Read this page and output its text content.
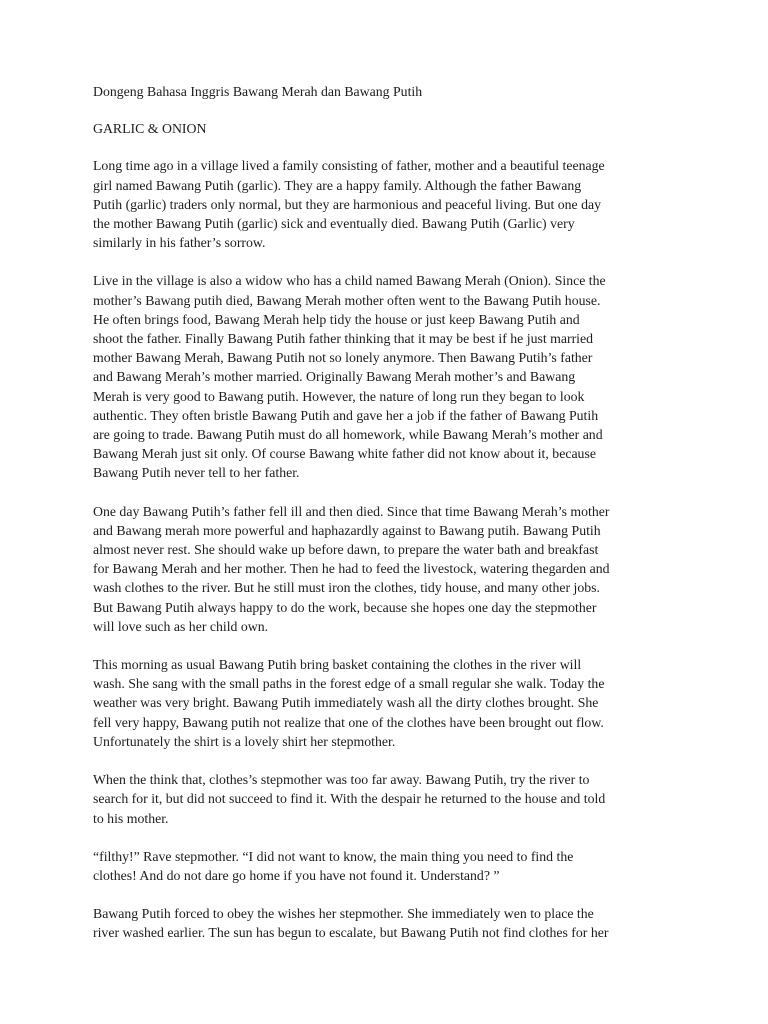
Dongeng Bahasa Inggris Bawang Merah dan Bawang Putih

GARLIC & ONION

Long time ago in a village lived a family consisting of father, mother and a beautiful teenage
girl named Bawang Putih (garlic). They are a happy family. Although the father Bawang
Putih (garlic) traders only normal, but they are harmonious and peaceful living. But one day
the mother Bawang Putih (garlic) sick and eventually died. Bawang Putih (Garlic) very
similarly in his father’s sorrow.

Live in the village is also a widow who has a child named Bawang Merah (Onion). Since the
mother’s Bawang putih died, Bawang Merah mother often went to the Bawang Putih house.
He often brings food, Bawang Merah help tidy the house or just keep Bawang Putih and
shoot the father. Finally Bawang Putih father thinking that it may be best if he just married
mother Bawang Merah, Bawang Putih not so lonely anymore. Then Bawang Putih’s father
and Bawang Merah’s mother married. Originally Bawang Merah mother’s and Bawang
Merah is very good to Bawang putih. However, the nature of long run they began to look
authentic. They often bristle Bawang Putih and gave her a job if the father of Bawang Putih
are going to trade. Bawang Putih must do all homework, while Bawang Merah’s mother and
Bawang Merah just sit only. Of course Bawang white father did not know about it, because
Bawang Putih never tell to her father.

One day Bawang Putih’s father fell ill and then died. Since that time Bawang Merah’s mother
and Bawang merah more powerful and haphazardly against to Bawang putih. Bawang Putih
almost never rest. She should wake up before dawn, to prepare the water bath and breakfast
for Bawang Merah and her mother. Then he had to feed the livestock, watering thegarden and
wash clothes to the river. But he still must iron the clothes, tidy house, and many other jobs.
But Bawang Putih always happy to do the work, because she hopes one day the stepmother
will love such as her child own.

This morning as usual Bawang Putih bring basket containing the clothes in the river will
wash. She sang with the small paths in the forest edge of a small regular she walk. Today the
weather was very bright. Bawang Putih immediately wash all the dirty clothes brought. She
fell very happy, Bawang putih not realize that one of the clothes have been brought out flow.
Unfortunately the shirt is a lovely shirt her stepmother.

When the think that, clothes’s stepmother was too far away. Bawang Putih, try the river to
search for it, but did not succeed to find it. With the despair he returned to the house and told
to his mother.

“filthy!” Rave stepmother. “I did not want to know, the main thing you need to find the
clothes! And do not dare go home if you have not found it. Understand? ”

Bawang Putih forced to obey the wishes her stepmother. She immediately wen to place the
river washed earlier. The sun has begun to escalate, but Bawang Putih not find clothes for her
